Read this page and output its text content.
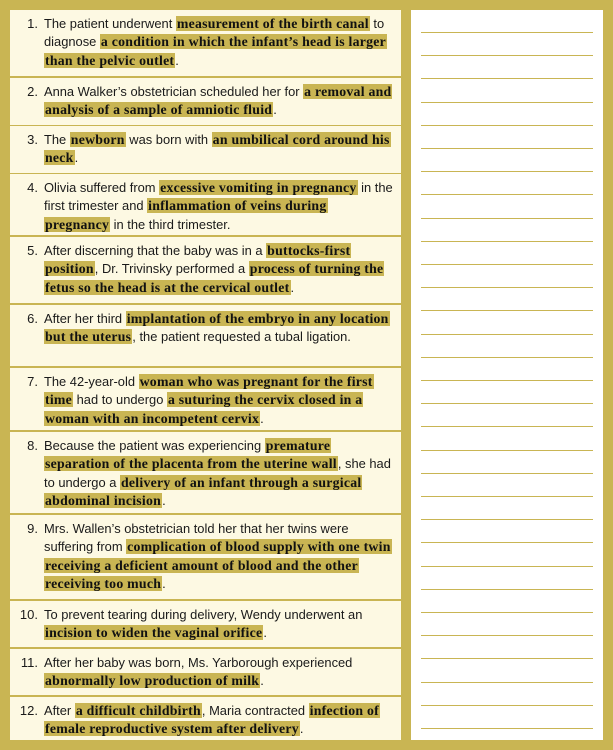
1. The patient underwent measurement of the birth canal to diagnose a condition in which the infant’s head is larger than the pelvic outlet.
2. Anna Walker’s obstetrician scheduled her for a removal and analysis of a sample of amniotic fluid.
3. The newborn was born with an umbilical cord around his neck.
4. Olivia suffered from excessive vomiting in pregnancy in the first trimester and inflammation of veins during pregnancy in the third trimester.
5. After discerning that the baby was in a buttocks-first position, Dr. Trivinsky performed a process of turning the fetus so the head is at the cervical outlet.
6. After her third implantation of the embryo in any location but the uterus, the patient requested a tubal ligation.
7. The 42-year-old woman who was pregnant for the first time had to undergo a suturing the cervix closed in a woman with an incompetent cervix.
8. Because the patient was experiencing premature separation of the placenta from the uterine wall, she had to undergo a delivery of an infant through a surgical abdominal incision.
9. Mrs. Wallen’s obstetrician told her that her twins were suffering from complication of blood supply with one twin receiving a deficient amount of blood and the other receiving too much.
10. To prevent tearing during delivery, Wendy underwent an incision to widen the vaginal orifice.
11. After her baby was born, Ms. Yarborough experienced abnormally low production of milk.
12. After a difficult childbirth, Maria contracted infection of female reproductive system after delivery.
